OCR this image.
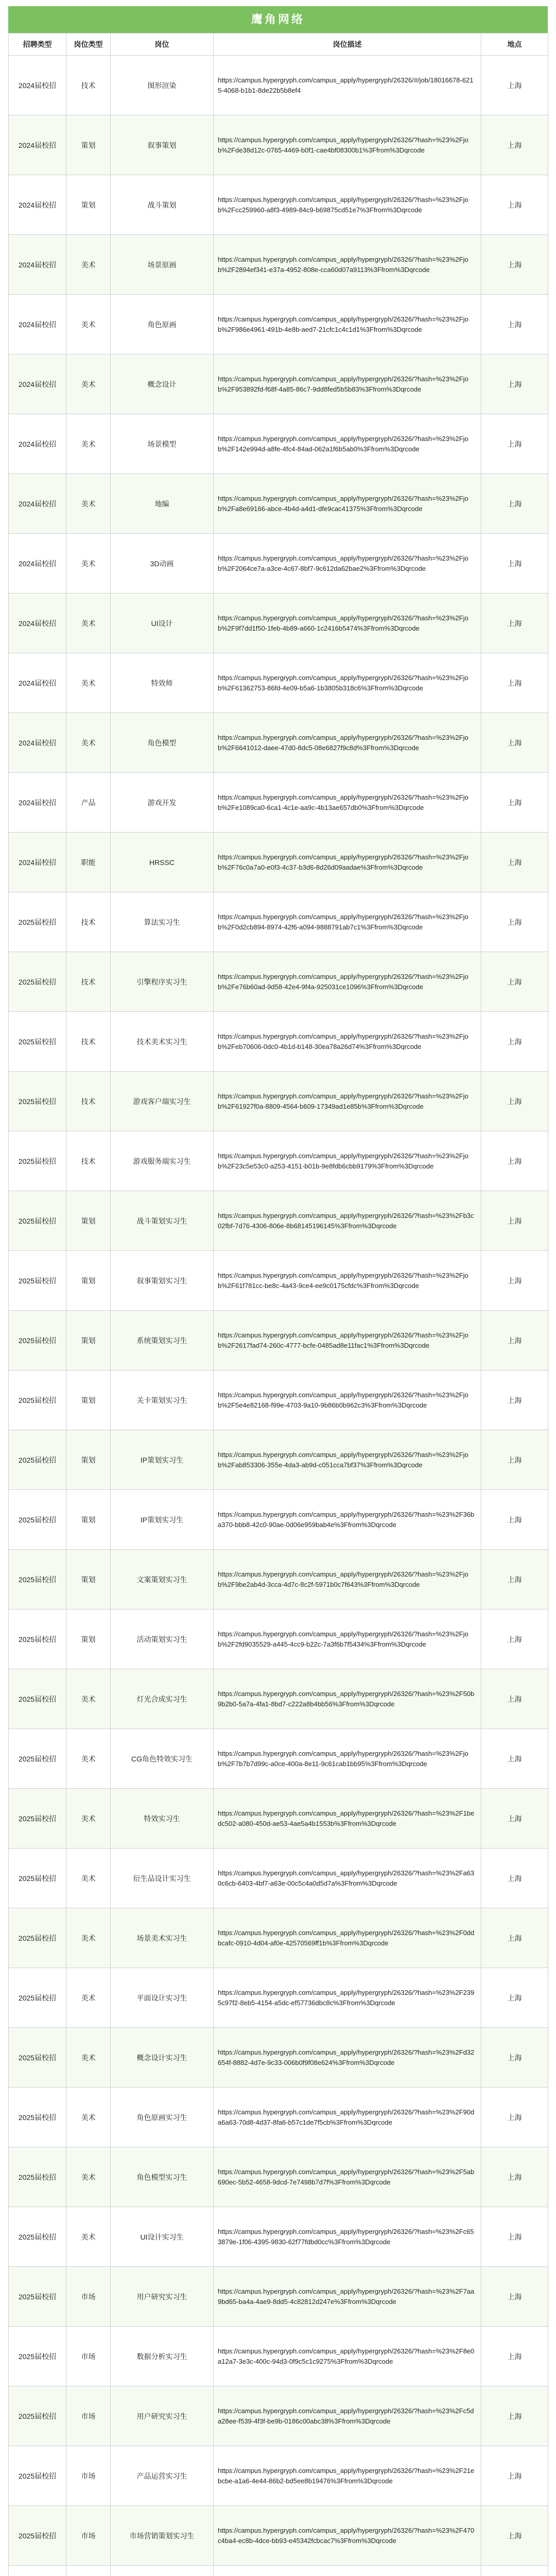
鹰角网络
招聘类型	岗位类型	岗位	岗位描述	地点
2024届校招	技术	图形渲染	https://campus.hypergryph.com/campus_apply/hypergryph/26326/#/job/18016678-6215-4068-b1b1-8de22b5b8ef4	上海
2024届校招	策划	叙事策划	https://campus.hypergryph.com/campus_apply/hypergryph/26326/?hash=%23%2Fjob%2Fde38d12c-0765-4469-b0f1-cae4bf08300b1%3Ffrom%3Dqrcode	上海
2024届校招	策划	战斗策划	https://campus.hypergryph.com/campus_apply/hypergryph/26326/?hash=%23%2Fjob%2Fcc259960-a8f3-4989-84c9-b69875cd51e7%3Ffrom%3Dqrcode	上海
2024届校招	美术	场景原画	https://campus.hypergryph.com/campus_apply/hypergryph/26326/?hash=%23%2Fjob%2F2894ef341-e37a-4952-808e-cca60d07a9113%3Ffrom%3Dqrcode	上海
2024届校招	美术	角色原画	https://campus.hypergryph.com/campus_apply/hypergryph/26326/?hash=%23%2Fjob%2F986e4961-491b-4e8b-aed7-21cfc1c4c1d1%3Ffrom%3Dqrcode	上海
2024届校招	美术	概念设计	https://campus.hypergryph.com/campus_apply/hypergryph/26326/?hash=%23%2Fjob%2F953892fd-f68f-4a85-86c7-9dd8fed5b5b83%3Ffrom%3Dqrcode	上海
2024届校招	美术	场景模型	https://campus.hypergryph.com/campus_apply/hypergryph/26326/?hash=%23%2Fjob%2F142e994d-a8fe-4fc4-84ad-062a1f6b5ab0%3Ffrom%3Dqrcode	上海
2024届校招	美术	地编	https://campus.hypergryph.com/campus_apply/hypergryph/26326/?hash=%23%2Fjob%2Fa8e69166-abce-4b4d-a4d1-dfe9cac41375%3Ffrom%3Dqrcode	上海
2024届校招	美术	3D动画	https://campus.hypergryph.com/campus_apply/hypergryph/26326/?hash=%23%2Fjob%2F2064ce7a-a3ce-4c67-8bf7-9c612da62bae2%3Ffrom%3Dqrcode	上海
2024届校招	美术	UI设计	https://campus.hypergryph.com/campus_apply/hypergryph/26326/?hash=%23%2Fjob%2F9f7dd1f50-1feb-4b89-a660-1c2416b5474%3Ffrom%3Dqrcode	上海
2024届校招	美术	特效师	https://campus.hypergryph.com/campus_apply/hypergryph/26326/?hash=%23%2Fjob%2F61362753-86fd-4e09-b5a6-1b3805b318c6%3Ffrom%3Dqrcode	上海
2024届校招	美术	角色模型	https://campus.hypergryph.com/campus_apply/hypergryph/26326/?hash=%23%2Fjob%2F6641012-daee-47d0-8dc5-08e6827f9c8d%3Ffrom%3Dqrcode	上海
2024届校招	产品	游戏开发	https://campus.hypergryph.com/campus_apply/hypergryph/26326/?hash=%23%2Fjob%2Fe1089ca0-6ca1-4c1e-aa9c-4b13ae657db0%3Ffrom%3Dqrcode	上海
2024届校招	职能	HRSSC	https://campus.hypergryph.com/campus_apply/hypergryph/26326/?hash=%23%2Fjob%2F76c0a7a0-e0f3-4c37-b3d6-8d26d09aadae%3Ffrom%3Dqrcode	上海
2025届校招	技术	算法实习生	https://campus.hypergryph.com/campus_apply/hypergryph/26326/?hash=%23%2Fjob%2F0d2cb894-8974-42f6-a094-9888791ab7c1%3Ffrom%3Dqrcode	上海
2025届校招	技术	引擎程序实习生	https://campus.hypergryph.com/campus_apply/hypergryph/26326/?hash=%23%2Fjob%2Fe76b60ad-9d58-42e4-9f4a-925031ce1096%3Ffrom%3Dqrcode	上海
2025届校招	技术	技术美术实习生	https://campus.hypergryph.com/campus_apply/hypergryph/26326/?hash=%23%2Fjob%2Feb70606-0dc0-4b1d-b148-30ea78a26d74%3Ffrom%3Dqrcode	上海
2025届校招	技术	游戏客户端实习生	https://campus.hypergryph.com/campus_apply/hypergryph/26326/?hash=%23%2Fjob%2F61927f0a-8809-4564-b609-17349ad1e85b%3Ffrom%3Dqrcode	上海
2025届校招	技术	游戏服务端实习生	https://campus.hypergryph.com/campus_apply/hypergryph/26326/?hash=%23%2Fjob%2F23c5e53c0-a253-4151-b01b-9e8fdb6cbb9179%3Ffrom%3Dqrcode	上海
2025届校招	策划	战斗策划实习生	https://campus.hypergryph.com/campus_apply/hypergryph/26326/?hash=%23%2Fb3c02fbf-7d76-4306-806e-8b68145196145%3Ffrom%3Dqrcode	上海
2025届校招	策划	叙事策划实习生	https://campus.hypergryph.com/campus_apply/hypergryph/26326/?hash=%23%2Fjob%2F61f781cc-be8c-4a43-9ce4-ee9c0175cfdc%3Ffrom%3Dqrcode	上海
2025届校招	策划	系统策划实习生	https://campus.hypergryph.com/campus_apply/hypergryph/26326/?hash=%23%2Fjob%2F2617fad74-260c-4777-bcfe-0485ad8e11fac1%3Ffrom%3Dqrcode	上海
2025届校招	策划	关卡策划实习生	https://campus.hypergryph.com/campus_apply/hypergryph/26326/?hash=%23%2Fjob%2F5e4e82168-f99e-4703-9a10-9b86b0b962c3%3Ffrom%3Dqrcode	上海
2025届校招	策划	IP策划实习生	https://campus.hypergryph.com/campus_apply/hypergryph/26326/?hash=%23%2Fjob%2Fab853306-355e-4da3-ab9d-c051cca7bf37%3Ffrom%3Dqrcode	上海
2025届校招	策划	IP策划实习生	https://campus.hypergryph.com/campus_apply/hypergryph/26326/?hash=%23%2F36ba370-bbb8-42c0-90ae-0d06e959bab4e%3Ffrom%3Dqrcode	上海
2025届校招	策划	文案策划实习生	https://campus.hypergryph.com/campus_apply/hypergryph/26326/?hash=%23%2Fjob%2F9be2ab4d-3cca-4d7c-8c2f-5971b0c7f643%3Ffrom%3Dqrcode	上海
2025届校招	策划	活动策划实习生	https://campus.hypergryph.com/campus_apply/hypergryph/26326/?hash=%23%2Fjob%2F2fd9035529-a445-4cc9-b22c-7a3f6b7f5434%3Ffrom%3Dqrcode	上海
2025届校招	美术	灯光合成实习生	https://campus.hypergryph.com/campus_apply/hypergryph/26326/?hash=%23%2F50b9b2b0-5a7a-4fa1-8bd7-c222a8b4bb56%3Ffrom%3Dqrcode	上海
2025届校招	美术	CG角色特效实习生	https://campus.hypergryph.com/campus_apply/hypergryph/26326/?hash=%23%2Fjob%2F7b7b7d99c-a0ce-400a-8e11-9c61cab1bb95%3Ffrom%3Dqrcode	上海
2025届校招	美术	特效实习生	https://campus.hypergryph.com/campus_apply/hypergryph/26326/?hash=%23%2F1bedc502-a080-450d-ae53-4ae5a4b1553b%3Ffrom%3Dqrcode	上海
2025届校招	美术	衍生品设计实习生	https://campus.hypergryph.com/campus_apply/hypergryph/26326/?hash=%23%2Fa630c6cb-6403-4bf7-a63e-00c5c4a0d5d7a%3Ffrom%3Dqrcode	上海
2025届校招	美术	场景美术实习生	https://campus.hypergryph.com/campus_apply/hypergryph/26326/?hash=%23%2F0ddbcafc-0910-4d04-af0e-42570569ff1b%3Ffrom%3Dqrcode	上海
2025届校招	美术	平面设计实习生	https://campus.hypergryph.com/campus_apply/hypergryph/26326/?hash=%23%2F2395c97f2-8eb5-4154-a5dc-ef57736dbc8c%3Ffrom%3Dqrcode	上海
2025届校招	美术	概念设计实习生	https://campus.hypergryph.com/campus_apply/hypergryph/26326/?hash=%23%2Fd32654f-8882-4d7e-9c33-006b0f9f08e624%3Ffrom%3Dqrcode	上海
2025届校招	美术	角色原画实习生	https://campus.hypergryph.com/campus_apply/hypergryph/26326/?hash=%23%2F90da6a63-70d8-4d37-8fa6-b57c1de7f5cb%3Ffrom%3Dqrcode	上海
2025届校招	美术	角色模型实习生	https://campus.hypergryph.com/campus_apply/hypergryph/26326/?hash=%23%2F5ab690ec-5b52-4658-9dcd-7e7498b7d7f%3Ffrom%3Dqrcode	上海
2025届校招	美术	UI设计实习生	https://campus.hypergryph.com/campus_apply/hypergryph/26326/?hash=%23%2Fc653879e-1f06-4395-9830-62f77fdbd0cc%3Ffrom%3Dqrcode	上海
2025届校招	市场	用户研究实习生	https://campus.hypergryph.com/campus_apply/hypergryph/26326/?hash=%23%2F7aa9bd65-ba4a-4ae9-8dd5-4c82812d247e%3Ffrom%3Dqrcode	上海
2025届校招	市场	数据分析实习生	https://campus.hypergryph.com/campus_apply/hypergryph/26326/?hash=%23%2F8e0a12a7-3e3c-400c-94d3-0f9c5c1c9275%3Ffrom%3Dqrcode	上海
2025届校招	市场	用户研究实习生	https://campus.hypergryph.com/campus_apply/hypergryph/26326/?hash=%23%2Fc5da28ee-f539-4f3f-be9b-0186c00abc38%3Ffrom%3Dqrcode	上海
2025届校招	市场	产品运营实习生	https://campus.hypergryph.com/campus_apply/hypergryph/26326/?hash=%23%2F21ebcbe-a1a6-4e44-86b2-bd5ee8b19476%3Ffrom%3Dqrcode	上海
2025届校招	市场	市场营销策划实习生	https://campus.hypergryph.com/campus_apply/hypergryph/26326/?hash=%23%2F470c4ba4-ec8b-4dce-bb93-e45342fcbcac7%3Ffrom%3Dqrcode	上海
